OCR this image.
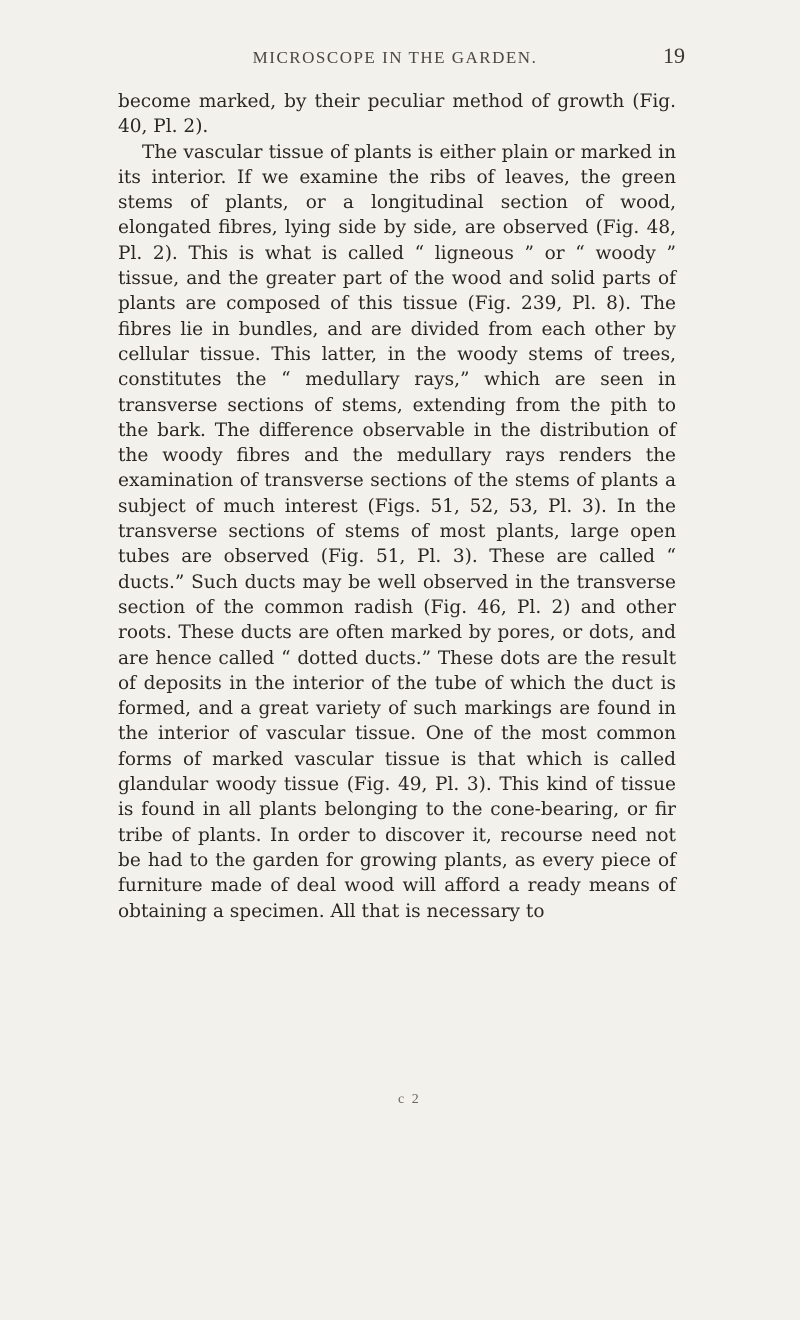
MICROSCOPE IN THE GARDEN.	19

become marked, by their peculiar method of growth (Fig. 40, Pl. 2).

The vascular tissue of plants is either plain or marked in its interior. If we examine the ribs of leaves, the green stems of plants, or a longitudinal section of wood, elongated fibres, lying side by side, are observed (Fig. 48, Pl. 2). This is what is called “ ligneous ” or “ woody ” tissue, and the greater part of the wood and solid parts of plants are composed of this tissue (Fig. 239, Pl. 8). The fibres lie in bundles, and are divided from each other by cellular tissue. This latter, in the woody stems of trees, constitutes the “ medullary rays,” which are seen in transverse sections of stems, extending from the pith to the bark. The difference observable in the distribution of the woody fibres and the medullary rays renders the examination of transverse sections of the stems of plants a subject of much interest (Figs. 51, 52, 53, Pl. 3). In the transverse sections of stems of most plants, large open tubes are observed (Fig. 51, Pl. 3). These are called “ ducts.” Such ducts may be well observed in the transverse section of the common radish (Fig. 46, Pl. 2) and other roots. These ducts are often marked by pores, or dots, and are hence called “ dotted ducts.” These dots are the result of deposits in the interior of the tube of which the duct is formed, and a great variety of such markings are found in the interior of vascular tissue. One of the most common forms of marked vascular tissue is that which is called glandular woody tissue (Fig. 49, Pl. 3). This kind of tissue is found in all plants belonging to the cone-bearing, or fir tribe of plants. In order to discover it, recourse need not be had to the garden for growing plants, as every piece of furniture made of deal wood will afford a ready means of obtaining a specimen. All that is necessary to

c 2
